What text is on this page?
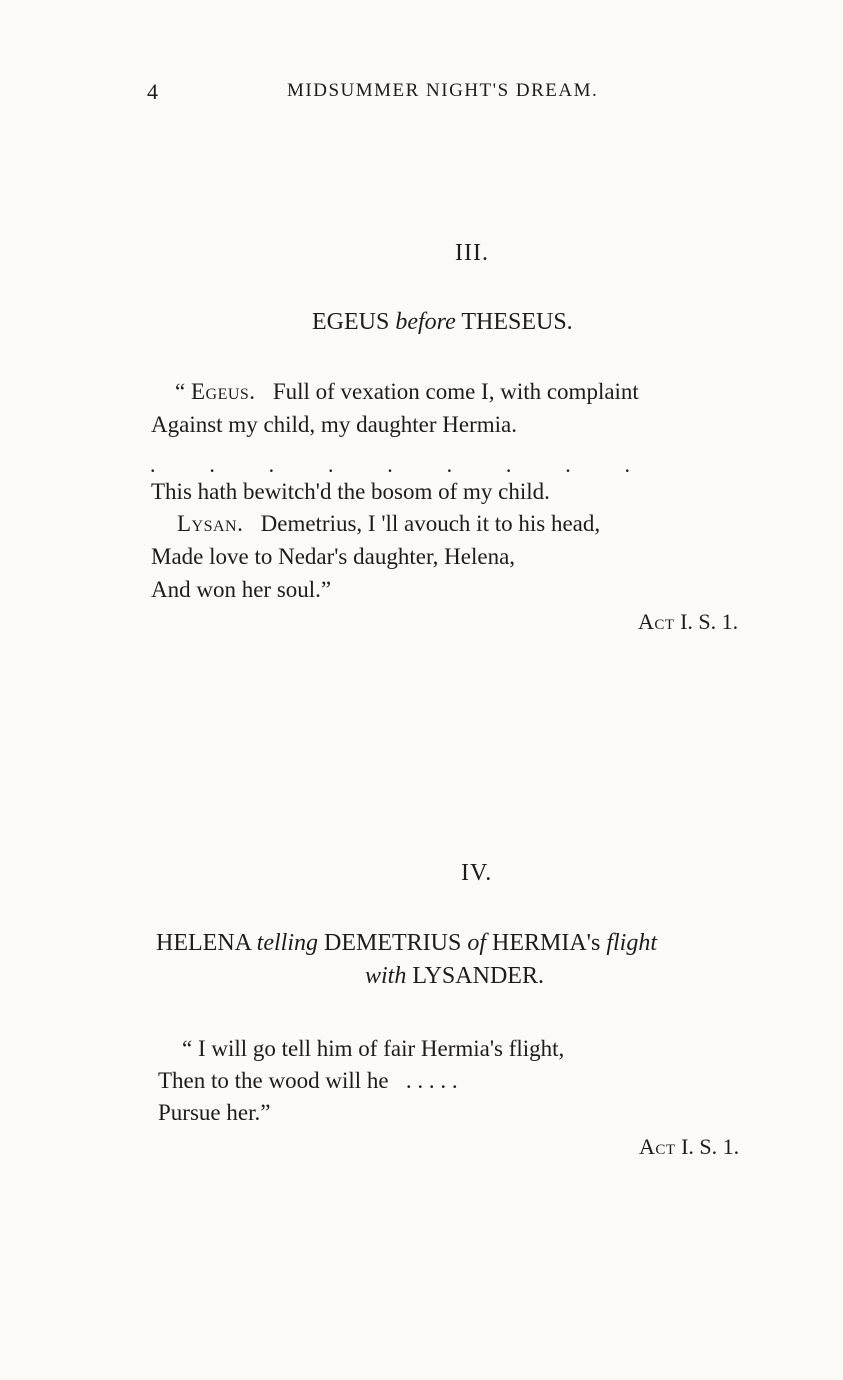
4	MIDSUMMER NIGHT'S DREAM.
III.
EGEUS before THESEUS.
“ Egeus. Full of vexation come I, with complaint
Against my child, my daughter Hermia.
. . . . . . . . .
This hath bewitch'd the bosom of my child.
Lysan. Demetrius, I 'll avouch it to his head,
Made love to Nedar's daughter, Helena,
And won her soul.”
Act I. S. 1.
IV.
HELENA telling DEMETRIUS of HERMIA's flight
with LYSANDER.
“ I will go tell him of fair Hermia's flight,
Then to the wood will he . . . . .
Pursue her.”
Act I. S. 1.
